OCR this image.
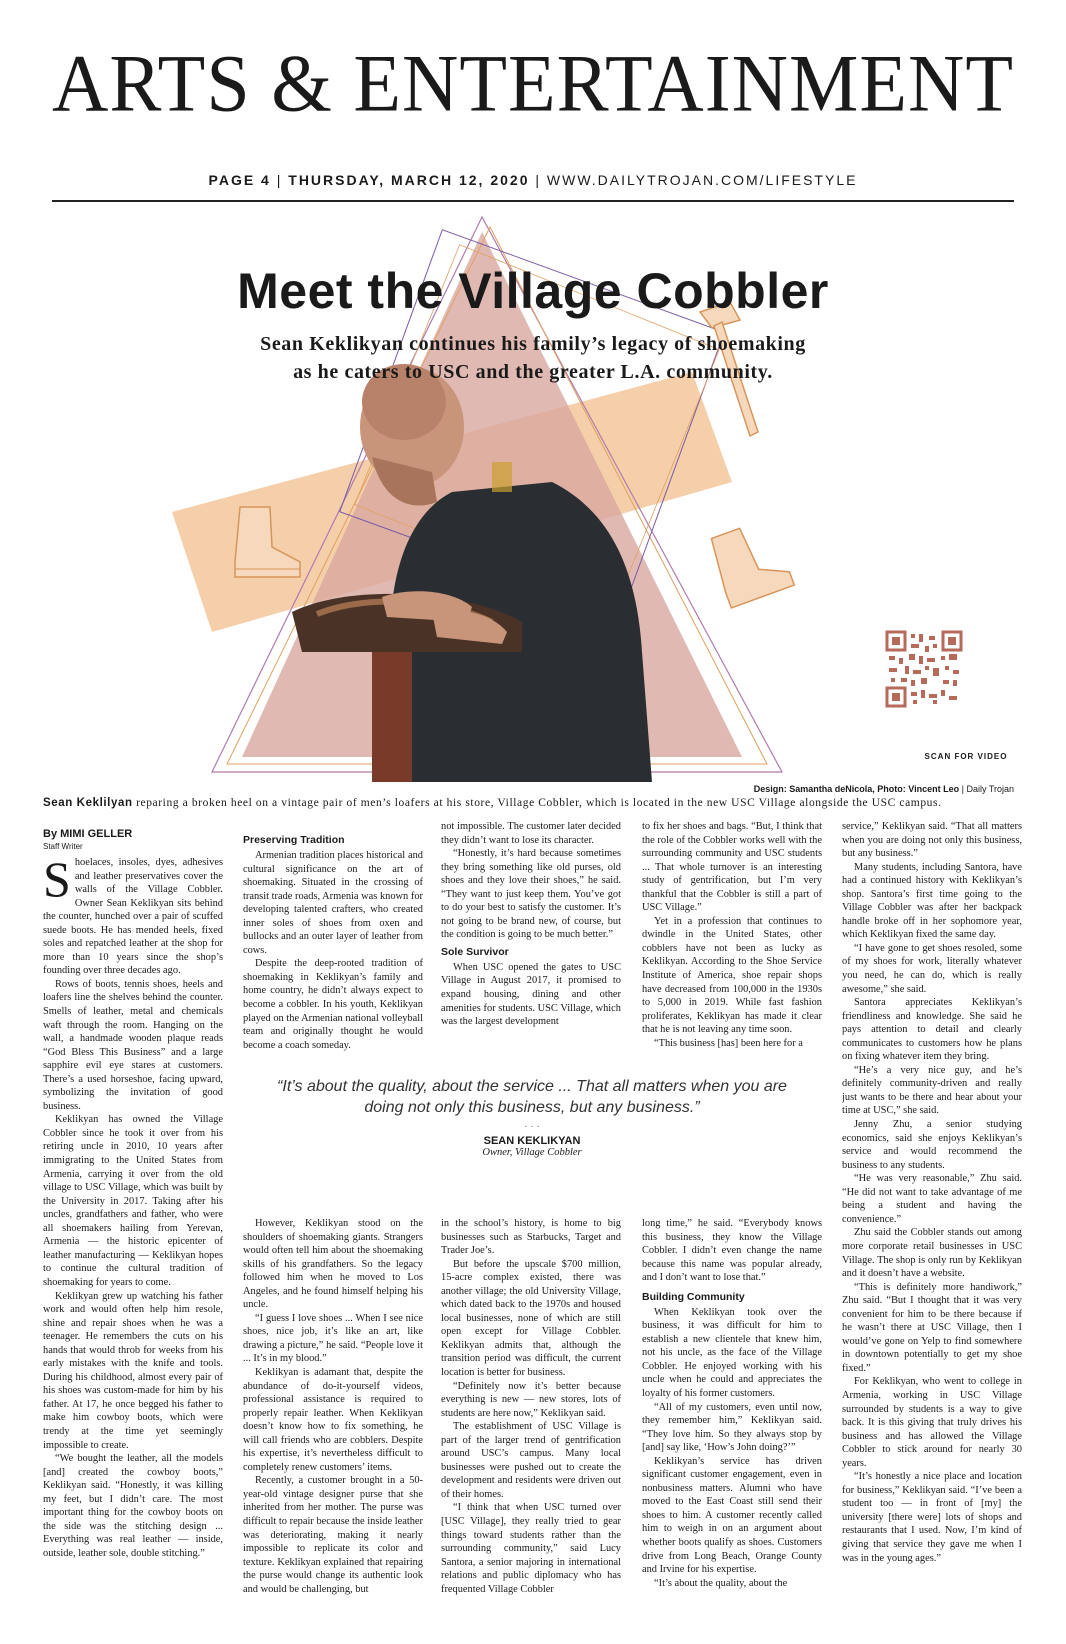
ARTS & ENTERTAINMENT
PAGE 4 | THURSDAY, MARCH 12, 2020 | WWW.DAILYTROJAN.COM/LIFESTYLE
Meet the Village Cobbler
Sean Keklikyan continues his family’s legacy of shoemaking
as he caters to USC and the greater L.A. community.
SCAN FOR VIDEO
Design: Samantha deNicola, Photo: Vincent Leo | Daily Trojan
Sean Keklilyan reparing a broken heel on a vintage pair of men’s loafers at his store, Village Cobbler, which is located in the new USC Village alongside the USC campus.
By MIMI GELLER
Staff Writer

Shoelaces, insoles, dyes, adhesives and leather preservatives cover the walls of the Village Cobbler. Owner Sean Keklikyan sits behind the counter, hunched over a pair of scuffed suede boots. He has mended heels, fixed soles and repatched leather at the shop for more than 10 years since the shop’s founding over three decades ago.

Rows of boots, tennis shoes, heels and loafers line the shelves behind the counter. Smells of leather, metal and chemicals waft through the room. Hanging on the wall, a handmade wooden plaque reads “God Bless This Business” and a large sapphire evil eye stares at customers. There’s a used horseshoe, facing upward, symbolizing the invitation of good business.

Keklikyan has owned the Village Cobbler since he took it over from his retiring uncle in 2010, 10 years after immigrating to the United States from Armenia, carrying it over from the old village to USC Village, which was built by the University in 2017. Taking after his uncles, grandfathers and father, who were all shoemakers hailing from Yerevan, Armenia — the historic epicenter of leather manufacturing — Keklikyan hopes to continue the cultural tradition of shoemaking for years to come.

Keklikyan grew up watching his father work and would often help him resole, shine and repair shoes when he was a teenager. He remembers the cuts on his hands that would throb for weeks from his early mistakes with the knife and tools. During his childhood, almost every pair of his shoes was custom-made for him by his father. At 17, he once begged his father to make him cowboy boots, which were trendy at the time yet seemingly impossible to create.

“We bought the leather, all the models [and] created the cowboy boots,” Keklikyan said. “Honestly, it was killing my feet, but I didn’t care. The most important thing for the cowboy boots on the side was the stitching design ... Everything was real leather — inside, outside, leather sole, double stitching.”

Preserving Tradition

Armenian tradition places historical and cultural significance on the art of shoemaking. Situated in the crossing of transit trade roads, Armenia was known for developing talented crafters, who created inner soles of shoes from oxen and bullocks and an outer layer of leather from cows.

Despite the deep-rooted tradition of shoemaking in Keklikyan’s family and home country, he didn’t always expect to become a cobbler. In his youth, Keklikyan played on the Armenian national volleyball team and originally thought he would become a coach someday.

not impossible. The customer later decided they didn’t want to lose its character.

“Honestly, it’s hard because sometimes they bring something like old purses, old shoes and they love their shoes,” he said. “They want to just keep them. You’ve got to do your best to satisfy the customer. It’s not going to be brand new, of course, but the condition is going to be much better.”

Sole Survivor

When USC opened the gates to USC Village in August 2017, it promised to expand housing, dining and other amenities for students. USC Village, which was the largest development

to fix her shoes and bags. “But, I think that the role of the Cobbler works well with the surrounding community and USC students ... That whole turnover is an interesting study of gentrification, but I’m very thankful that the Cobbler is still a part of USC Village.”

Yet in a profession that continues to dwindle in the United States, other cobblers have not been as lucky as Keklikyan. According to the Shoe Service Institute of America, shoe repair shops have decreased from 100,000 in the 1930s to 5,000 in 2019. While fast fashion proliferates, Keklikyan has made it clear that he is not leaving any time soon.

“This business [has] been here for a

service,” Keklikyan said. “That all matters when you are doing not only this business, but any business.”

Many students, including Santora, have had a continued history with Keklikyan’s shop. Santora’s first time going to the Village Cobbler was after her backpack handle broke off in her sophomore year, which Keklikyan fixed the same day.

“I have gone to get shoes resoled, some of my shoes for work, literally whatever you need, he can do, which is really awesome,” she said.

Santora appreciates Keklikyan’s friendliness and knowledge. She said he pays attention to detail and clearly communicates to customers how he plans on fixing whatever item they bring.

“He’s a very nice guy, and he’s definitely community-driven and really just wants to be there and hear about your time at USC,” she said.

Jenny Zhu, a senior studying economics, said she enjoys Keklikyan’s service and would recommend the business to any students.

“He was very reasonable,” Zhu said. “He did not want to take advantage of me being a student and having the convenience.”

Zhu said the Cobbler stands out among more corporate retail businesses in USC Village. The shop is only run by Keklikyan and it doesn’t have a website.

“This is definitely more handiwork,” Zhu said. “But I thought that it was very convenient for him to be there because if he wasn’t there at USC Village, then I would’ve gone on Yelp to find somewhere in downtown potentially to get my shoe fixed.”

For Keklikyan, who went to college in Armenia, working in USC Village surrounded by students is a way to give back. It is this giving that truly drives his business and has allowed the Village Cobbler to stick around for nearly 30 years.

“It’s honestly a nice place and location for business,” Keklikyan said. “I’ve been a student too — in front of [my] the university [there were] lots of shops and restaurants that I used. Now, I’m kind of giving that service they gave me when I was in the young ages.”

“It’s about the quality, about the service ... That all matters when you are doing not only this business, but any business.”
· · ·
SEAN KEKLIKYAN
Owner, Village Cobbler

However, Keklikyan stood on the shoulders of shoemaking giants. Strangers would often tell him about the shoemaking skills of his grandfathers. So the legacy followed him when he moved to Los Angeles, and he found himself helping his uncle.

“I guess I love shoes ... When I see nice shoes, nice job, it’s like an art, like drawing a picture,” he said. “People love it ... It’s in my blood.”

Keklikyan is adamant that, despite the abundance of do-it-yourself videos, professional assistance is required to properly repair leather. When Keklikyan doesn’t know how to fix something, he will call friends who are cobblers. Despite his expertise, it’s nevertheless difficult to completely renew customers’ items.

Recently, a customer brought in a 50-year-old vintage designer purse that she inherited from her mother. The purse was difficult to repair because the inside leather was deteriorating, making it nearly impossible to replicate its color and texture. Keklikyan explained that repairing the purse would change its authentic look and would be challenging, but

in the school’s history, is home to big businesses such as Starbucks, Target and Trader Joe’s.

But before the upscale $700 million, 15-acre complex existed, there was another village; the old University Village, which dated back to the 1970s and housed local businesses, none of which are still open except for Village Cobbler. Keklikyan admits that, although the transition period was difficult, the current location is better for business.

“Definitely now it’s better because everything is new — new stores, lots of students are here now,” Keklikyan said.

The establishment of USC Village is part of the larger trend of gentrification around USC’s campus. Many local businesses were pushed out to create the development and residents were driven out of their homes.

“I think that when USC turned over [USC Village], they really tried to gear things toward students rather than the surrounding community,” said Lucy Santora, a senior majoring in international relations and public diplomacy who has frequented Village Cobbler

long time,” he said. “Everybody knows this business, they know the Village Cobbler. I didn’t even change the name because this name was popular already, and I don’t want to lose that.”

Building Community

When Keklikyan took over the business, it was difficult for him to establish a new clientele that knew him, not his uncle, as the face of the Village Cobbler. He enjoyed working with his uncle when he could and appreciates the loyalty of his former customers.

“All of my customers, even until now, they remember him,” Keklikyan said. “They love him. So they always stop by [and] say like, ‘How’s John doing?’”

Keklikyan’s service has driven significant customer engagement, even in nonbusiness matters. Alumni who have moved to the East Coast still send their shoes to him. A customer recently called him to weigh in on an argument about whether boots qualify as shoes. Customers drive from Long Beach, Orange County and Irvine for his expertise.

“It’s about the quality, about the
